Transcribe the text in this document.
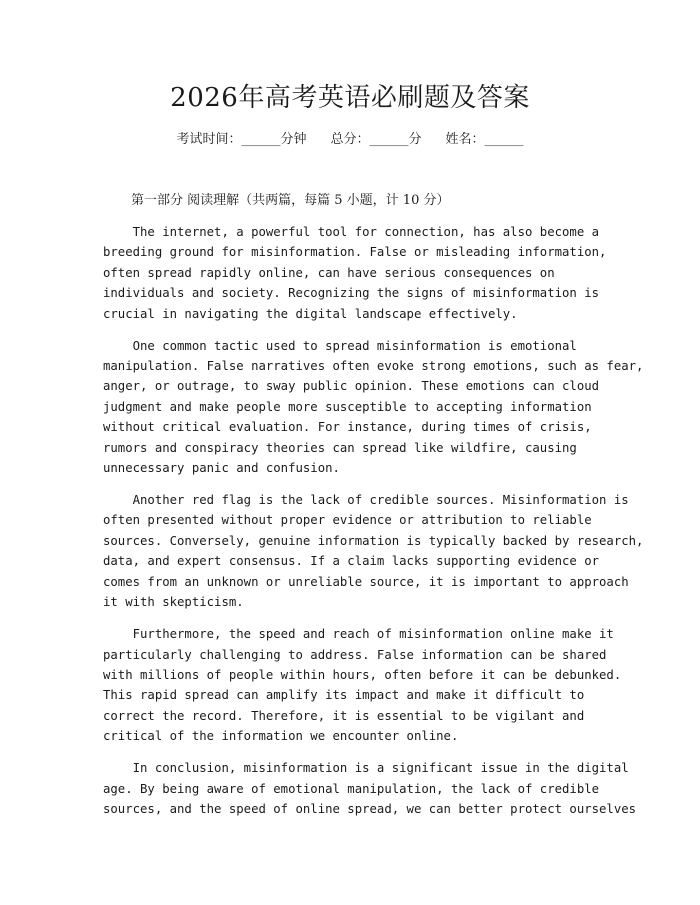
2026年高考英语必刷题及答案
考试时间：______分钟 总分：______分 姓名：______
第一部分 阅读理解（共两篇，每篇 5 小题，计 10 分）
The internet, a powerful tool for connection, has also become a
breeding ground for misinformation. False or misleading information,
often spread rapidly online, can have serious consequences on
individuals and society. Recognizing the signs of misinformation is
crucial in navigating the digital landscape effectively.
One common tactic used to spread misinformation is emotional
manipulation. False narratives often evoke strong emotions, such as fear,
anger, or outrage, to sway public opinion. These emotions can cloud
judgment and make people more susceptible to accepting information
without critical evaluation. For instance, during times of crisis,
rumors and conspiracy theories can spread like wildfire, causing
unnecessary panic and confusion.
Another red flag is the lack of credible sources. Misinformation is
often presented without proper evidence or attribution to reliable
sources. Conversely, genuine information is typically backed by research,
data, and expert consensus. If a claim lacks supporting evidence or
comes from an unknown or unreliable source, it is important to approach
it with skepticism.
Furthermore, the speed and reach of misinformation online make it
particularly challenging to address. False information can be shared
with millions of people within hours, often before it can be debunked.
This rapid spread can amplify its impact and make it difficult to
correct the record. Therefore, it is essential to be vigilant and
critical of the information we encounter online.
In conclusion, misinformation is a significant issue in the digital
age. By being aware of emotional manipulation, the lack of credible
sources, and the speed of online spread, we can better protect ourselves
